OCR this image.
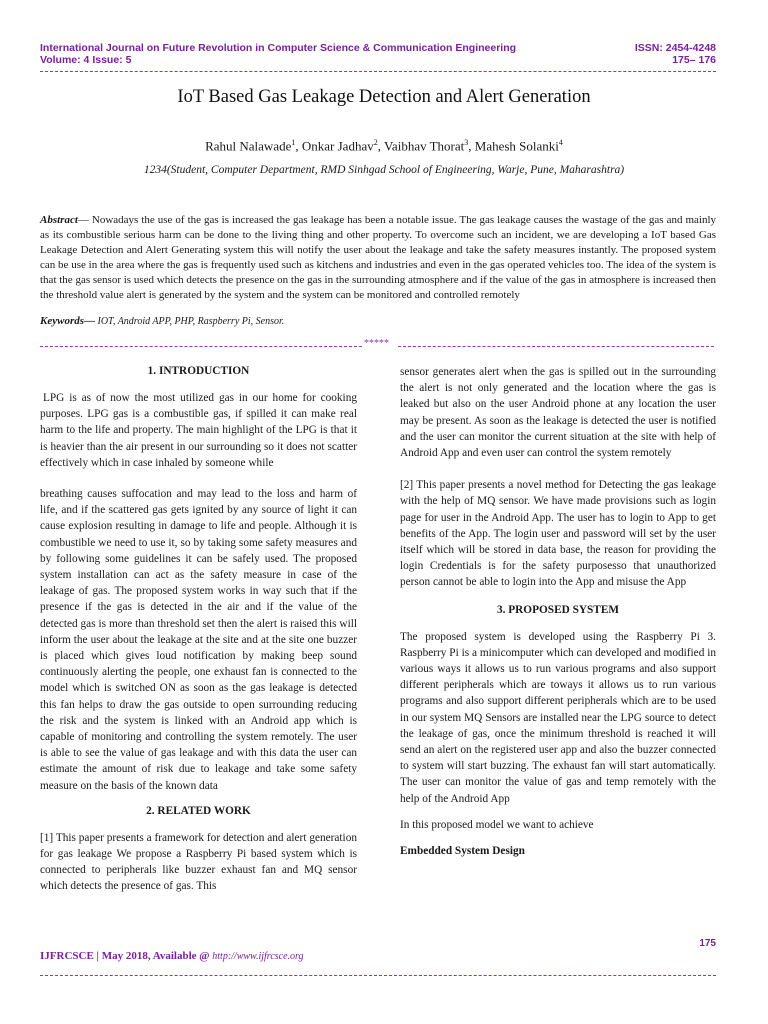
International Journal on Future Revolution in Computer Science & Communication Engineering	ISSN: 2454-4248
Volume: 4 Issue: 5	175– 176
IoT Based Gas Leakage Detection and Alert Generation
Rahul Nalawade$^1$, Onkar Jadhav$^2$, Vaibhav Thorat$^3$, Mahesh Solanki$^4$
1234(Student, Computer Department, RMD Sinhgad School of Engineering, Warje, Pune, Maharashtra)
Abstract— Nowadays the use of the gas is increased the gas leakage has been a notable issue. The gas leakage causes the wastage of the gas and mainly as its combustible serious harm can be done to the living thing and other property. To overcome such an incident, we are developing a IoT based Gas Leakage Detection and Alert Generating system this will notify the user about the leakage and take the safety measures instantly. The proposed system can be use in the area where the gas is frequently used such as kitchens and industries and even in the gas operated vehicles too. The idea of the system is that the gas sensor is used which detects the presence on the gas in the surrounding atmosphere and if the value of the gas in atmosphere is increased then the threshold value alert is generated by the system and the system can be monitored and controlled remotely
Keywords— IOT, Android APP, PHP, Raspberry Pi, Sensor.
*****
1. INTRODUCTION

LPG is as of now the most utilized gas in our home for cooking purposes. LPG gas is a combustible gas, if spilled it can make real harm to the life and property. The main highlight of the LPG is that it is heavier than the air present in our surrounding so it does not scatter effectively which in case inhaled by someone while

breathing causes suffocation and may lead to the loss and harm of life, and if the scattered gas gets ignited by any source of light it can cause explosion resulting in damage to life and people. Although it is combustible we need to use it, so by taking some safety measures and by following some guidelines it can be safely used. The proposed system installation can act as the safety measure in case of the leakage of gas. The proposed system works in way such that if the presence if the gas is detected in the air and if the value of the detected gas is more than threshold set then the alert is raised this will inform the user about the leakage at the site and at the site one buzzer is placed which gives loud notification by making beep sound continuously alerting the people, one exhaust fan is connected to the model which is switched ON as soon as the gas leakage is detected this fan helps to draw the gas outside to open surrounding reducing the risk and the system is linked with an Android app which is capable of monitoring and controlling the system remotely. The user is able to see the value of gas leakage and with this data the user can estimate the amount of risk due to leakage and take some safety measure on the basis of the known data

2. RELATED WORK

[1] This paper presents a framework for detection and alert generation for gas leakage We propose a Raspberry Pi based system which is connected to peripherals like buzzer exhaust fan and MQ sensor which detects the presence of gas. This

sensor generates alert when the gas is spilled out in the surrounding the alert is not only generated and the location where the gas is leaked but also on the user Android phone at any location the user may be present. As soon as the leakage is detected the user is notified and the user can monitor the current situation at the site with help of Android App and even user can control the system remotely

[2] This paper presents a novel method for Detecting the gas leakage with the help of MQ sensor. We have made provisions such as login page for user in the Android App. The user has to login to App to get benefits of the App. The login user and password will set by the user itself which will be stored in data base, the reason for providing the login Credentials is for the safety purposesso that unauthorized person cannot be able to login into the App and misuse the App

3. PROPOSED SYSTEM

The proposed system is developed using the Raspberry Pi 3. Raspberry Pi is a minicomputer which can developed and modified in various ways it allows us to run various programs and also support different peripherals which are toways it allows us to run various programs and also support different peripherals which are to be used in our system MQ Sensors are installed near the LPG source to detect the leakage of gas, once the minimum threshold is reached it will send an alert on the registered user app and also the buzzer connected to system will start buzzing. The exhaust fan will start automatically. The user can monitor the value of gas and temp remotely with the help of the Android App

In this proposed model we want to achieve

Embedded System Design

175
IJFRCSCE | May 2018, Available @ http://www.ijfrcsce.org
